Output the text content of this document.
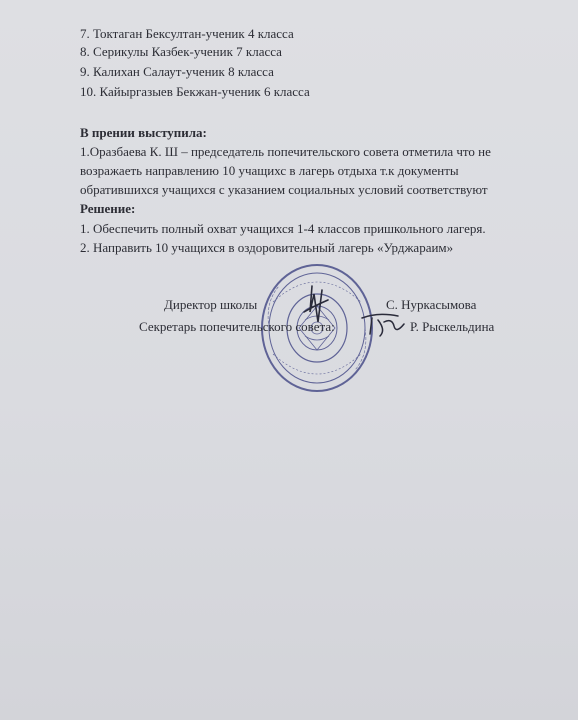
7. Токтаган Бексултан-ученик 4 класса
8. Серикулы Казбек-ученик 7 класса
9. Калихан Салаут-ученик 8 класса
10. Кайыргазыев Бекжан-ученик 6 класса
В прении выступила:
1.Оразбаева К. Ш – председатель попечительского совета отметила что не
возражаеть направлению 10 учащихс в лагерь отдыха т.к документы
обратившихся учащихся с указанием социальных условий соответствуют
Решение:
1. Обеспечить полный охват учащихся 1-4 классов пришкольного лагеря.
2. Направить 10 учащихся в оздоровительный лагерь «Урджараим»
Директор школы	С. Нуркасымова
Секретарь попечительского совета:	Р. Рыскельдина
